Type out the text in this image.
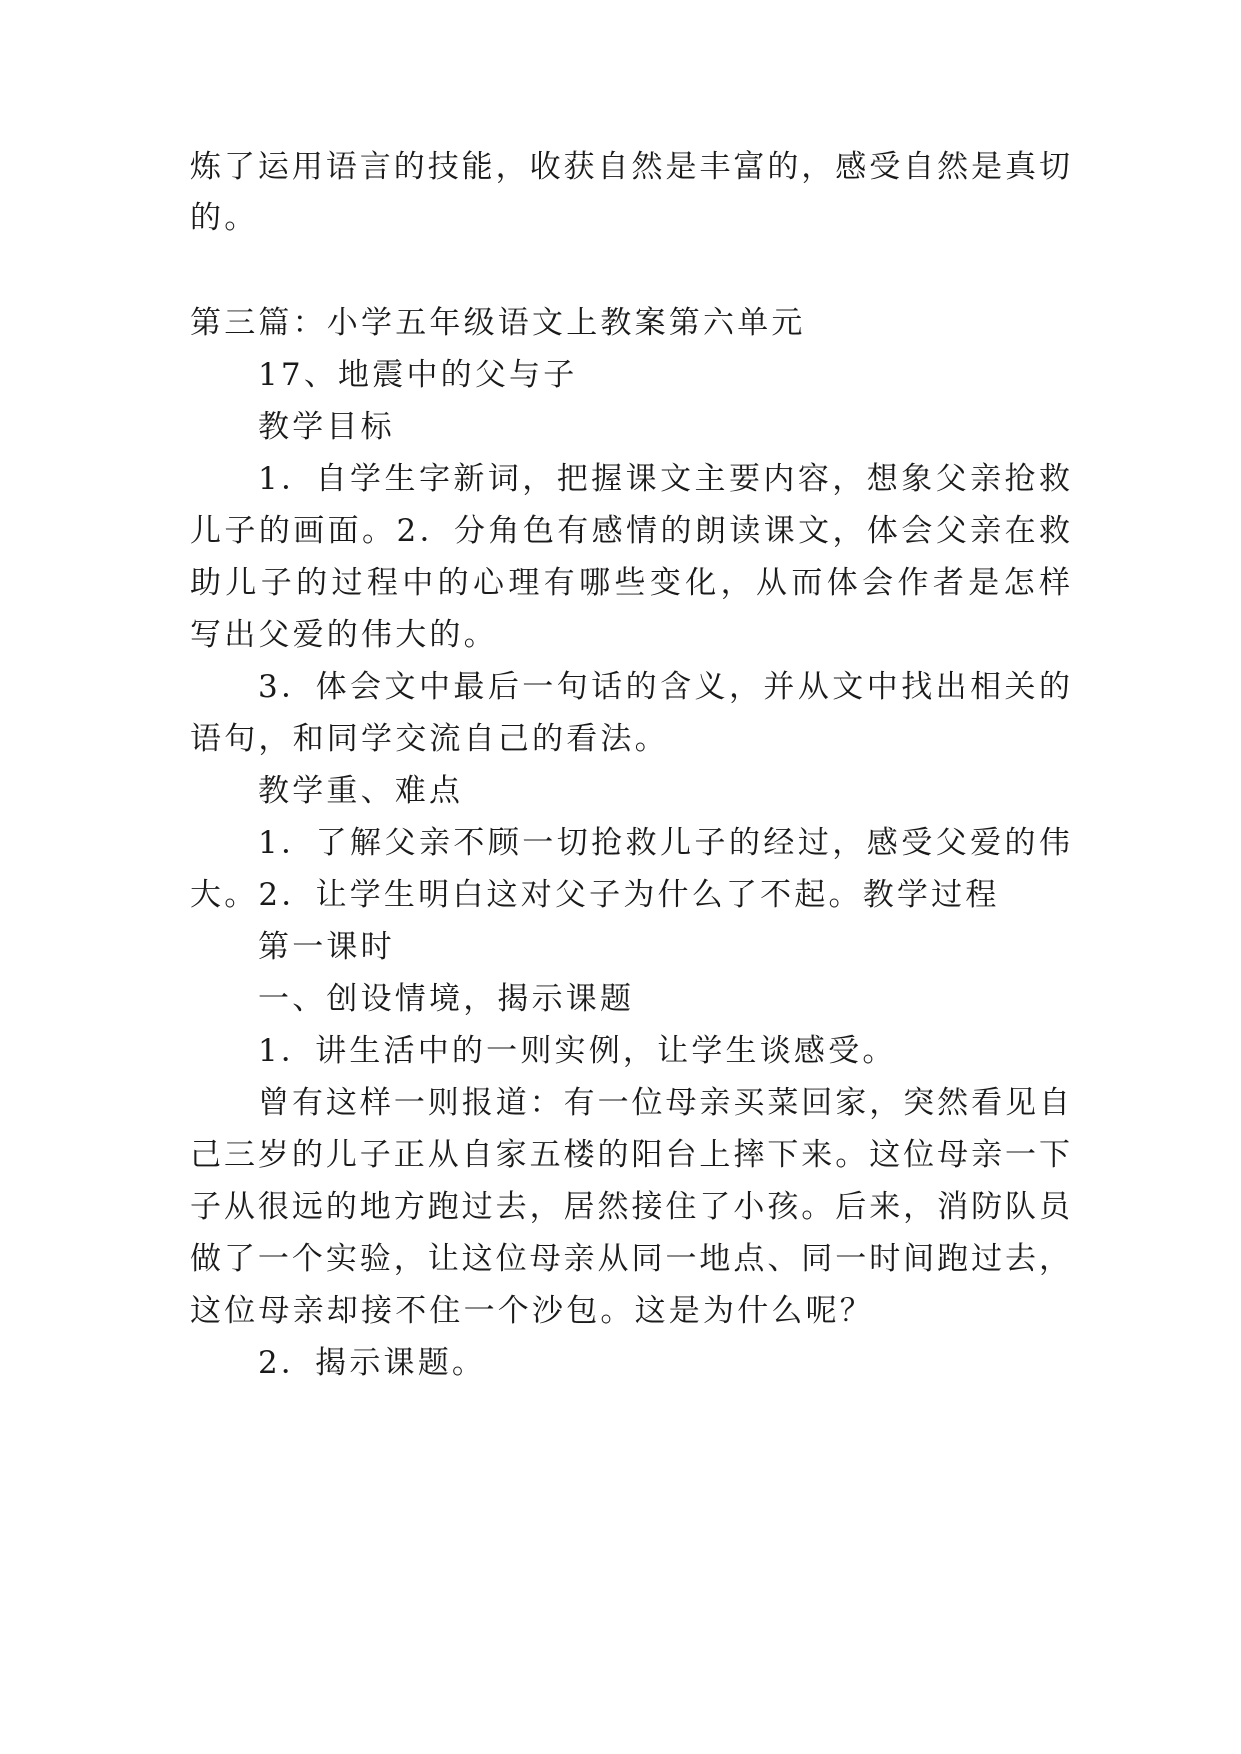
炼了运用语言的技能，收获自然是丰富的，感受自然是真切
的。
第三篇：小学五年级语文上教案第六单元
17、地震中的父与子
教学目标
1．自学生字新词，把握课文主要内容，想象父亲抢救
儿子的画面。2．分角色有感情的朗读课文，体会父亲在救
助儿子的过程中的心理有哪些变化，从而体会作者是怎样
写出父爱的伟大的。
3．体会文中最后一句话的含义，并从文中找出相关的
语句，和同学交流自己的看法。
教学重、难点
1．了解父亲不顾一切抢救儿子的经过，感受父爱的伟
大。2．让学生明白这对父子为什么了不起。教学过程
第一课时
一、创设情境，揭示课题
1．讲生活中的一则实例，让学生谈感受。
曾有这样一则报道：有一位母亲买菜回家，突然看见自
己三岁的儿子正从自家五楼的阳台上摔下来。这位母亲一下
子从很远的地方跑过去，居然接住了小孩。后来，消防队员
做了一个实验，让这位母亲从同一地点、同一时间跑过去，
这位母亲却接不住一个沙包。这是为什么呢？
2．揭示课题。
